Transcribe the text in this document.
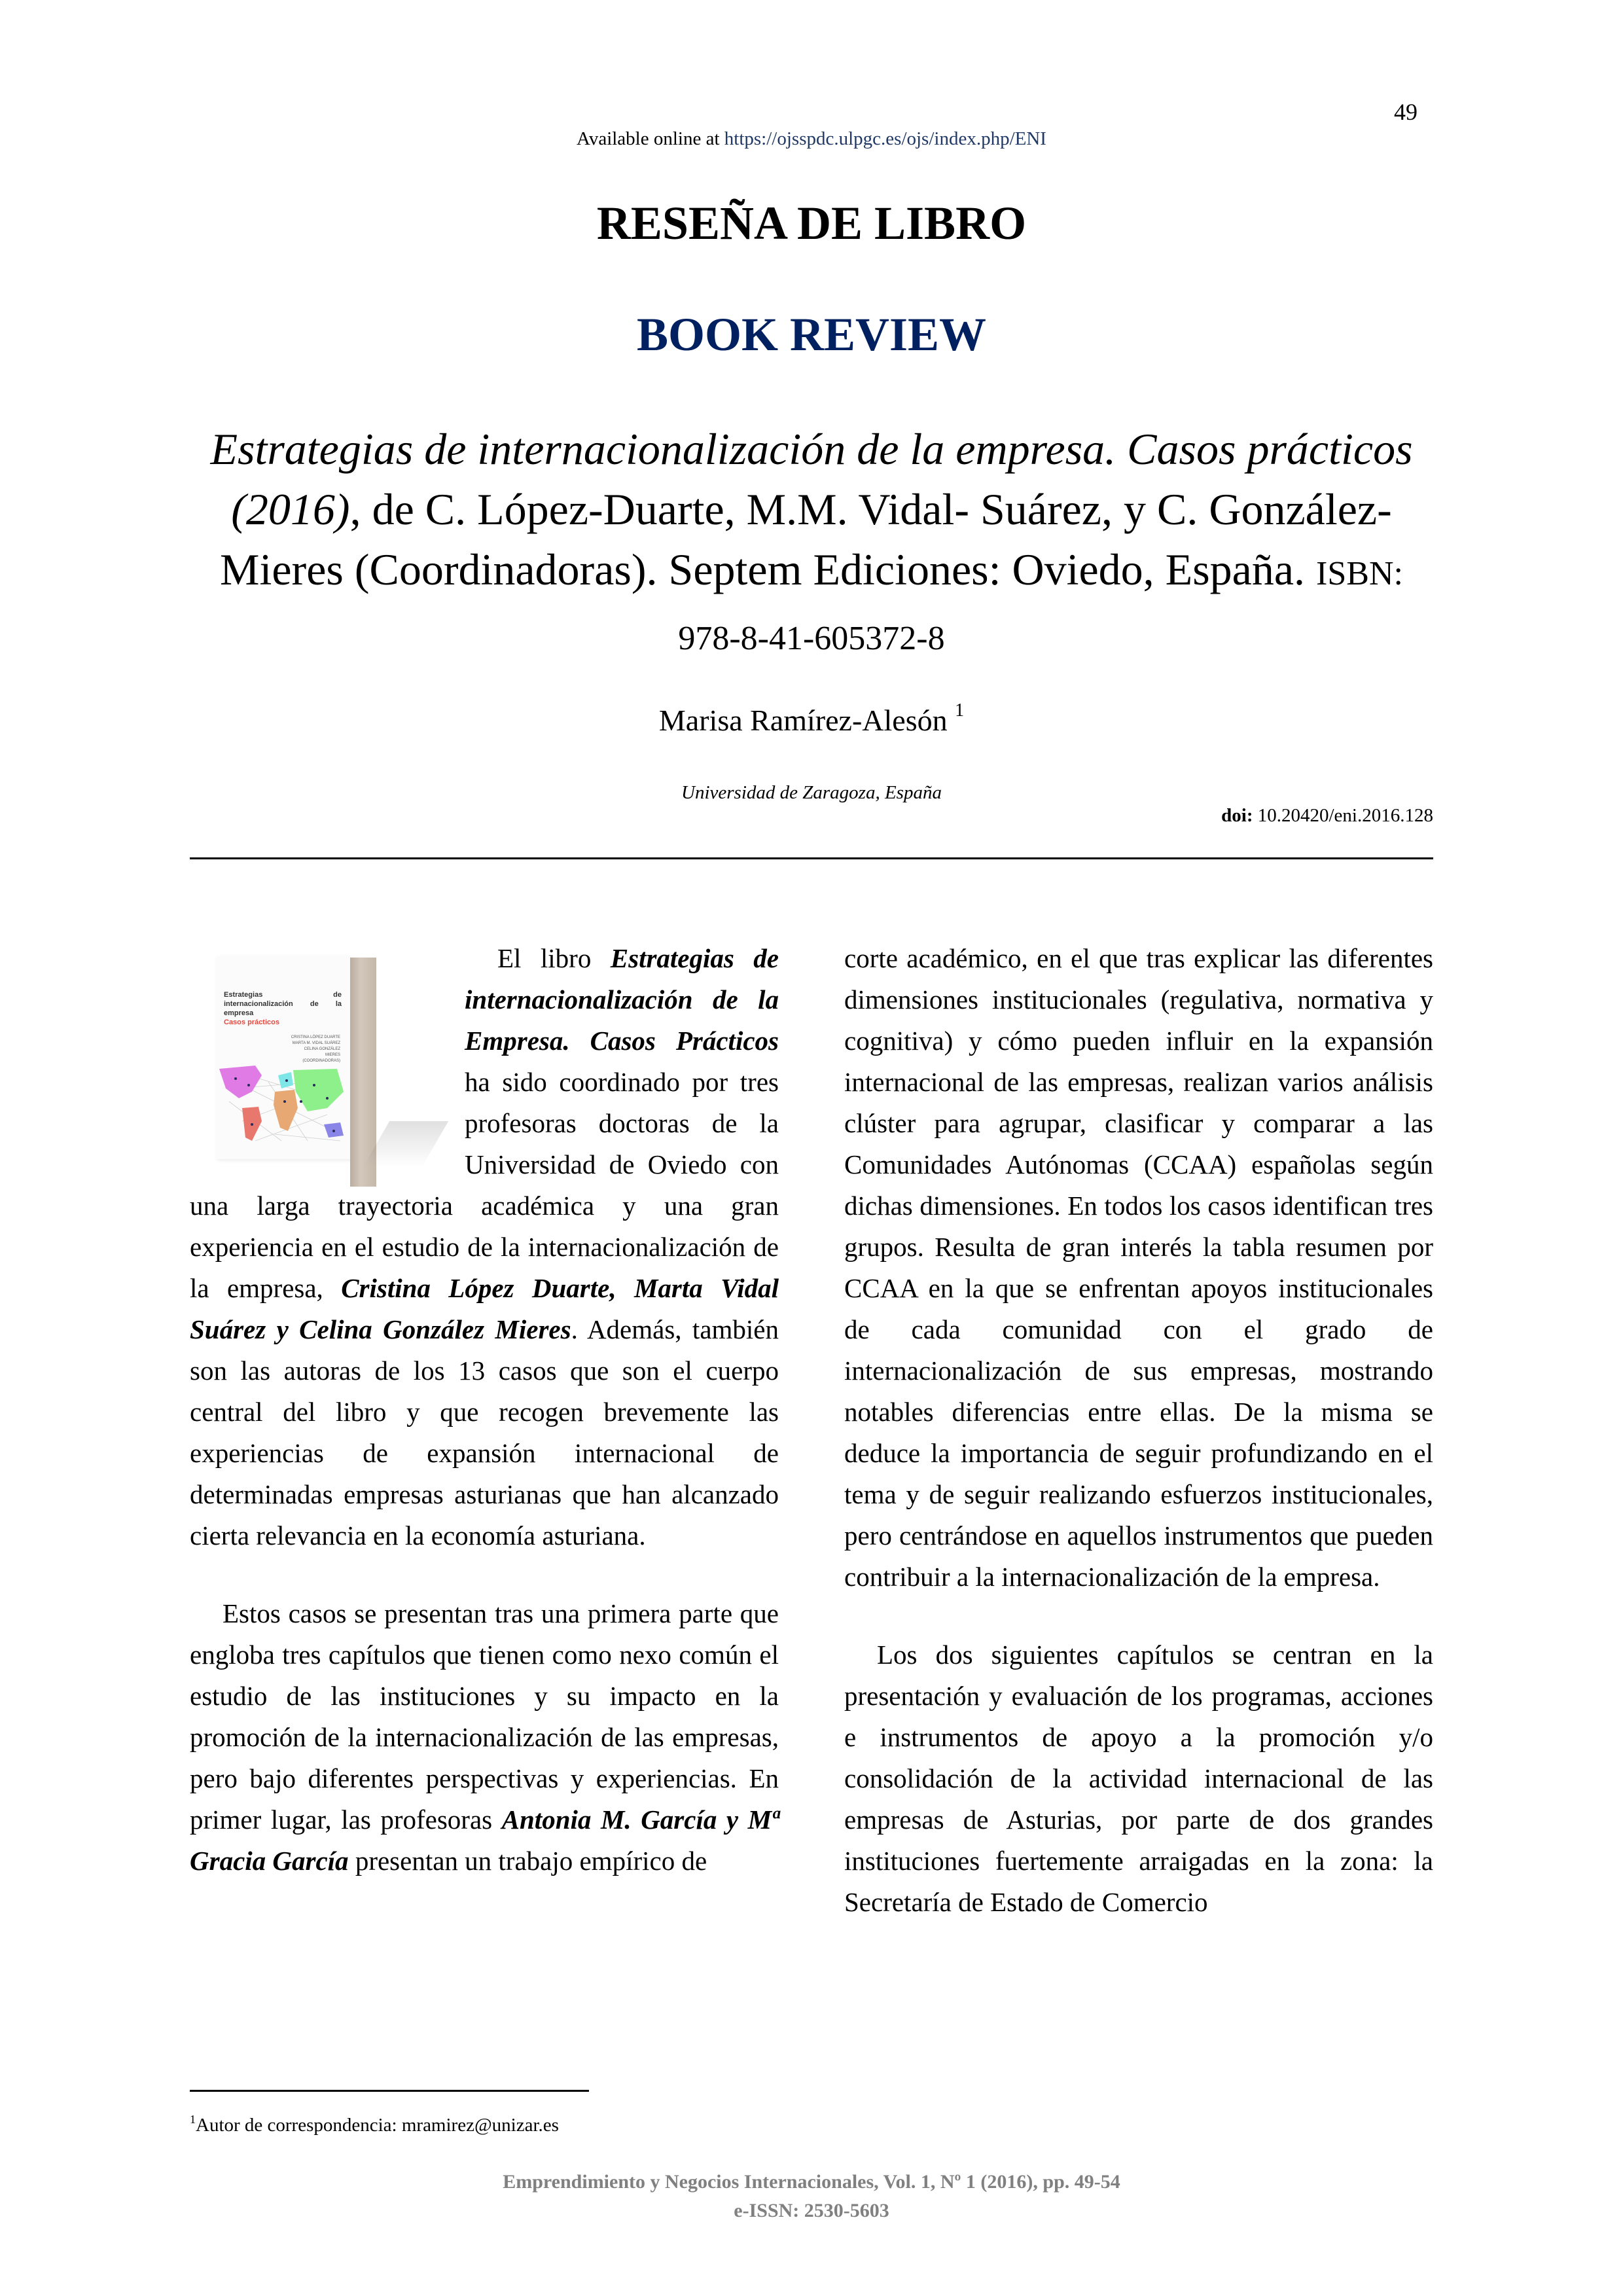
49
Available online at https://ojsspdc.ulpgc.es/ojs/index.php/ENI
RESEÑA DE LIBRO
BOOK REVIEW
Estrategias de internacionalización de la empresa. Casos prácticos (2016), de C. López-Duarte, M.M. Vidal- Suárez, y C. González-Mieres (Coordinadoras). Septem Ediciones: Oviedo, España. ISBN: 978-8-41-605372-8
Marisa Ramírez-Alesón $^1$
Universidad de Zaragoza, España
doi: 10.20420/eni.2016.128
Estrategias de internacionalización de la empresa
Casos prácticos
CRISTINA LÓPEZ DUARTE
MARTA M. VIDAL SUÁREZ
CELINA GONZÁLEZ MIERES
(COORDINADORAS)

El libro Estrategias de internacionalización de la Empresa. Casos Prácticos ha sido coordinado por tres profesoras doctoras de la Universidad de Oviedo con una larga trayectoria académica y una gran experiencia en el estudio de la internacionalización de la empresa, Cristina López Duarte, Marta Vidal Suárez y Celina González Mieres. Además, también son las autoras de los 13 casos que son el cuerpo central del libro y que recogen brevemente las experiencias de expansión internacional de determinadas empresas asturianas que han alcanzado cierta relevancia en la economía asturiana.

Estos casos se presentan tras una primera parte que engloba tres capítulos que tienen como nexo común el estudio de las instituciones y su impacto en la promoción de la internacionalización de las empresas, pero bajo diferentes perspectivas y experiencias. En primer lugar, las profesoras Antonia M. García y Mª Gracia García presentan un trabajo empírico de

corte académico, en el que tras explicar las diferentes dimensiones institucionales (regulativa, normativa y cognitiva) y cómo pueden influir en la expansión internacional de las empresas, realizan varios análisis clúster para agrupar, clasificar y comparar a las Comunidades Autónomas (CCAA) españolas según dichas dimensiones. En todos los casos identifican tres grupos. Resulta de gran interés la tabla resumen por CCAA en la que se enfrentan apoyos institucionales de cada comunidad con el grado de internacionalización de sus empresas, mostrando notables diferencias entre ellas. De la misma se deduce la importancia de seguir profundizando en el tema y de seguir realizando esfuerzos institucionales, pero centrándose en aquellos instrumentos que pueden contribuir a la internacionalización de la empresa.

Los dos siguientes capítulos se centran en la presentación y evaluación de los programas, acciones e instrumentos de apoyo a la promoción y/o consolidación de la actividad internacional de las empresas de Asturias, por parte de dos grandes instituciones fuertemente arraigadas en la zona: la Secretaría de Estado de Comercio

$^1$Autor de correspondencia: mramirez@unizar.es
Emprendimiento y Negocios Internacionales, Vol. 1, Nº 1 (2016), pp. 49-54
e-ISSN: 2530-5603
